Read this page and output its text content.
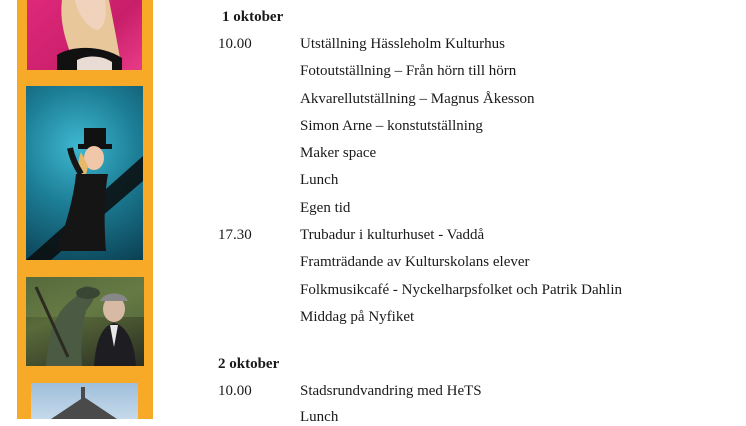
1 oktober
10.00	Utställning Hässleholm Kulturhus
Fotoutställning – Från hörn till hörn
Akvarellutställning – Magnus Åkesson
Simon Arne – konstutställning
Maker space
Lunch
Egen tid
17.30	Trubadur i kulturhuset - Vaddå
Framträdande av Kulturskolans elever
Folkmusikcafé - Nyckelharpsfolket och Patrik Dahlin
Middag på Nyfiket
2 oktober
10.00	Stadsrundvandring med HeTS
Lunch
